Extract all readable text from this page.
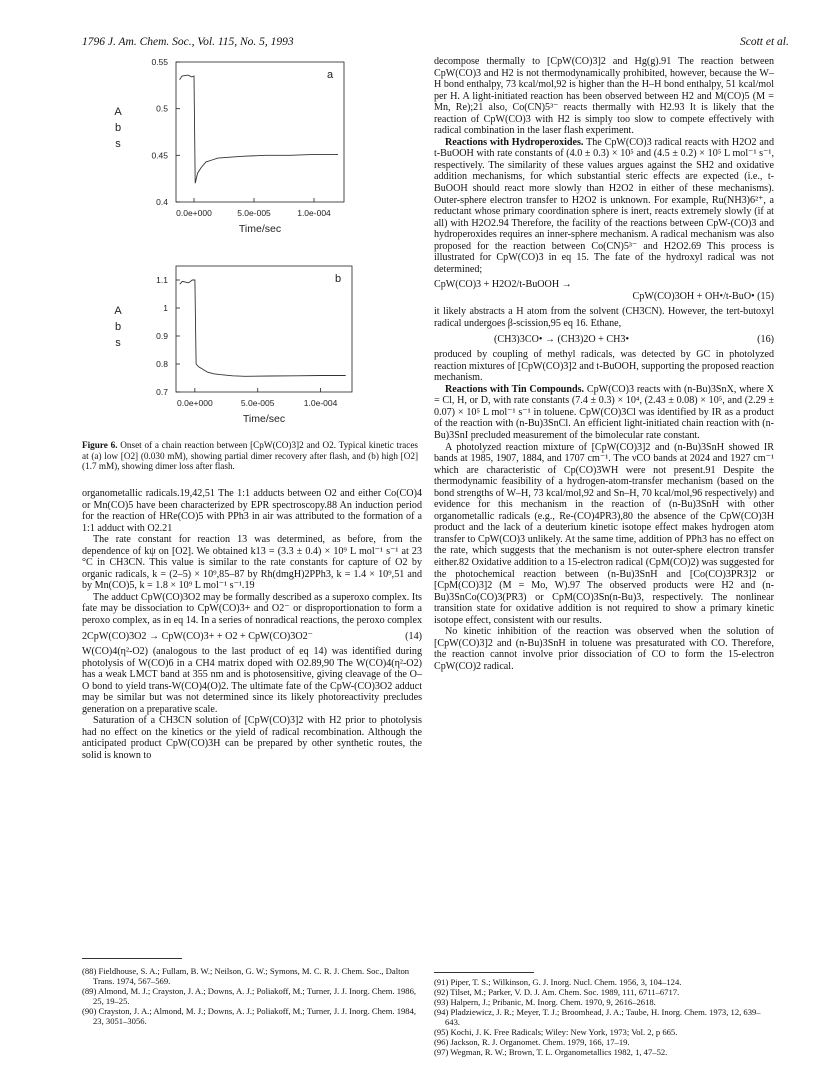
1796 J. Am. Chem. Soc., Vol. 115, No. 5, 1993	Scott et al.
0.55
0.5
0.45
0.4
0.0e+000	5.0e-005	1.0e-004
Time/sec
A
b
s
a
1.1
1
0.9
0.8
0.7
0.0e+000	5.0e-005	1.0e-004
Time/sec
A
b
s
b
Figure 6. Onset of a chain reaction between [CpW(CO)3]2 and O2. Typical kinetic traces at (a) low [O2] (0.030 mM), showing partial dimer recovery after flash, and (b) high [O2] (1.7 mM), showing dimer loss after flash.

organometallic radicals.19,42,51 The 1:1 adducts between O2 and either Co(CO)4 or Mn(CO)5 have been characterized by EPR spectroscopy.88 An induction period for the reaction of HRe(CO)5 with PPh3 in air was attributed to the formation of a 1:1 adduct with O2.21

The rate constant for reaction 13 was determined, as before, from the dependence of kψ on [O2]. We obtained k13 = (3.3 ± 0.4) × 10⁹ L mol⁻¹ s⁻¹ at 23 °C in CH3CN. This value is similar to the rate constants for capture of O2 by organic radicals, k = (2–5) × 10⁹,85–87 by Rh(dmgH)2PPh3, k = 1.4 × 10⁹,51 and by Mn(CO)5, k = 1.8 × 10⁹ L mol⁻¹ s⁻¹.19

The adduct CpW(CO)3O2 may be formally described as a superoxo complex. Its fate may be dissociation to CpW(CO)3+ and O2⁻ or disproportionation to form a peroxo complex, as in eq 14. In a series of nonradical reactions, the peroxo complex

2CpW(CO)3O2 → CpW(CO)3+ + O2 + CpW(CO)3O2⁻	(14)

W(CO)4(η²-O2) (analogous to the last product of eq 14) was identified during photolysis of W(CO)6 in a CH4 matrix doped with O2.89,90 The W(CO)4(η²-O2) has a weak LMCT band at 355 nm and is photosensitive, giving cleavage of the O–O bond to yield trans-W(CO)4(O)2. The ultimate fate of the CpW-(CO)3O2 adduct may be similar but was not determined since its likely photoreactivity precludes generation on a preparative scale.

Saturation of a CH3CN solution of [CpW(CO)3]2 with H2 prior to photolysis had no effect on the kinetics or the yield of radical recombination. Although the anticipated product CpW(CO)3H can be prepared by other synthetic routes, the solid is known to

(88) Fieldhouse, S. A.; Fullam, B. W.; Neilson, G. W.; Symons, M. C. R. J. Chem. Soc., Dalton Trans. 1974, 567–569.

(89) Almond, M. J.; Crayston, J. A.; Downs, A. J.; Poliakoff, M.; Turner, J. J. Inorg. Chem. 1986, 25, 19–25.

(90) Crayston, J. A.; Almond, M. J.; Downs, A. J.; Poliakoff, M.; Turner, J. J. Inorg. Chem. 1984, 23, 3051–3056.

decompose thermally to [CpW(CO)3]2 and Hg(g).91 The reaction between CpW(CO)3 and H2 is not thermodynamically prohibited, however, because the W–H bond enthalpy, 73 kcal/mol,92 is higher than the H–H bond enthalpy, 51 kcal/mol per H. A light-initiated reaction has been observed between H2 and M(CO)5 (M = Mn, Re);21 also, Co(CN)5³⁻ reacts thermally with H2.93 It is likely that the reaction of CpW(CO)3 with H2 is simply too slow to compete effectively with radical combination in the laser flash experiment.

Reactions with Hydroperoxides. The CpW(CO)3 radical reacts with H2O2 and t-BuOOH with rate constants of (4.0 ± 0.3) × 10⁵ and (4.5 ± 0.2) × 10⁵ L mol⁻¹ s⁻¹, respectively. The similarity of these values argues against the SH2 and oxidative addition mechanisms, for which substantial steric effects are expected (i.e., t-BuOOH should react more slowly than H2O2 in either of these mechanisms). Outer-sphere electron transfer to H2O2 is unknown. For example, Ru(NH3)6²⁺, a reductant whose primary coordination sphere is inert, reacts extremely slowly (if at all) with H2O2.94 Therefore, the facility of the reactions between CpW-(CO)3 and hydroperoxides requires an inner-sphere mechanism. A radical mechanism was also proposed for the reaction between Co(CN)5³⁻ and H2O2.69 This process is illustrated for CpW(CO)3 in eq 15. The fate of the hydroxyl radical was not determined;

CpW(CO)3 + H2O2/t-BuOOH →
CpW(CO)3OH + OH•/t-BuO• (15)

it likely abstracts a H atom from the solvent (CH3CN). However, the tert-butoxyl radical undergoes β-scission,95 eq 16. Ethane,

(CH3)3CO• → (CH3)2O + CH3•	(16)

produced by coupling of methyl radicals, was detected by GC in photolyzed reaction mixtures of [CpW(CO)3]2 and t-BuOOH, supporting the proposed reaction mechanism.

Reactions with Tin Compounds. CpW(CO)3 reacts with (n-Bu)3SnX, where X = Cl, H, or D, with rate constants (7.4 ± 0.3) × 10⁴, (2.43 ± 0.08) × 10⁵, and (2.29 ± 0.07) × 10⁵ L mol⁻¹ s⁻¹ in toluene. CpW(CO)3Cl was identified by IR as a product of the reaction with (n-Bu)3SnCl. An efficient light-initiated chain reaction with (n-Bu)3SnI precluded measurement of the bimolecular rate constant.

A photolyzed reaction mixture of [CpW(CO)3]2 and (n-Bu)3SnH showed IR bands at 1985, 1907, 1884, and 1707 cm⁻¹. The νCO bands at 2024 and 1927 cm⁻¹ which are characteristic of Cp(CO)3WH were not present.91 Despite the thermodynamic feasibility of a hydrogen-atom-transfer mechanism (based on the bond strengths of W–H, 73 kcal/mol,92 and Sn–H, 70 kcal/mol,96 respectively) and evidence for this mechanism in the reaction of (n-Bu)3SnH with other organometallic radicals (e.g., Re-(CO)4PR3),80 the absence of the CpW(CO)3H product and the lack of a deuterium kinetic isotope effect makes hydrogen atom transfer to CpW(CO)3 unlikely. At the same time, addition of PPh3 has no effect on the rate, which suggests that the mechanism is not outer-sphere electron transfer either.82 Oxidative addition to a 15-electron radical (CpM(CO)2) was suggested for the photochemical reaction between (n-Bu)3SnH and [Co(CO)3PR3]2 or [CpM(CO)3]2 (M = Mo, W).97 The observed products were H2 and (n-Bu)3SnCo(CO)3(PR3) or CpM(CO)3Sn(n-Bu)3, respectively. The nonlinear transition state for oxidative addition is not required to show a primary kinetic isotope effect, consistent with our results.

No kinetic inhibition of the reaction was observed when the solution of [CpW(CO)3]2 and (n-Bu)3SnH in toluene was presaturated with CO. Therefore, the reaction cannot involve prior dissociation of CO to form the 15-electron CpW(CO)2 radical.

(91) Piper, T. S.; Wilkinson, G. J. Inorg. Nucl. Chem. 1956, 3, 104–124.

(92) Tilset, M.; Parker, V. D. J. Am. Chem. Soc. 1989, 111, 6711–6717.

(93) Halpern, J.; Pribanic, M. Inorg. Chem. 1970, 9, 2616–2618.

(94) Pladziewicz, J. R.; Meyer, T. J.; Broomhead, J. A.; Taube, H. Inorg. Chem. 1973, 12, 639–643.

(95) Kochi, J. K. Free Radicals; Wiley: New York, 1973; Vol. 2, p 665.

(96) Jackson, R. J. Organomet. Chem. 1979, 166, 17–19.

(97) Wegman, R. W.; Brown, T. L. Organometallics 1982, 1, 47–52.
